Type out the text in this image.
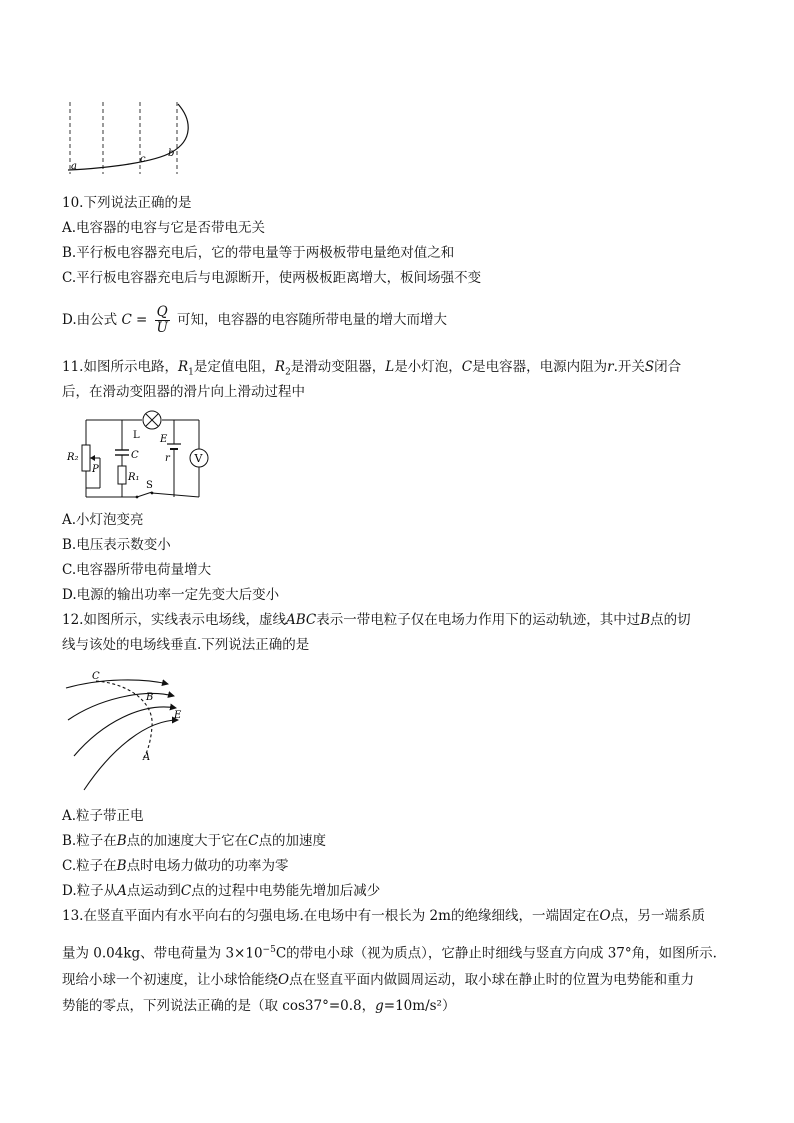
a
c
b
10.下列说法正确的是
A.电容器的电容与它是否带电无关
B.平行板电容器充电后，它的带电量等于两极板带电量绝对值之和
C.平行板电容器充电后与电源断开，使两极板距离增大，板间场强不变
D.由公式 $C = \frac{Q}{U}$ 可知，电容器的电容随所带电量的增大而增大
11.如图所示电路，$R_1$是定值电阻，$R_2$是滑动变阻器，L是小灯泡，C是电容器，电源内阻为r.开关S闭合
后，在滑动变阻器的滑片向上滑动过程中
V
R₂
P
L
C
R₁
E
r
S
A.小灯泡变亮
B.电压表示数变小
C.电容器所带电荷量增大
D.电源的输出功率一定先变大后变小
12.如图所示，实线表示电场线，虚线ABC表示一带电粒子仅在电场力作用下的运动轨迹，其中过B点的切
线与该处的电场线垂直.下列说法正确的是
C
B
E
A
A.粒子带正电
B.粒子在B点的加速度大于它在C点的加速度
C.粒子在B点时电场力做功的功率为零
D.粒子从A点运动到C点的过程中电势能先增加后减少
13.在竖直平面内有水平向右的匀强电场.在电场中有一根长为 2m的绝缘细线，一端固定在O点，另一端系质
量为 0.04kg、带电荷量为 $3\times 10^{-5}C$的带电小球（视为质点），它静止时细线与竖直方向成 37°角，如图所示.
现给小球一个初速度，让小球恰能绕O点在竖直平面内做圆周运动，取小球在静止时的位置为电势能和重力
势能的零点，下列说法正确的是（取 cos37°=0.8，g=10m/s²）
